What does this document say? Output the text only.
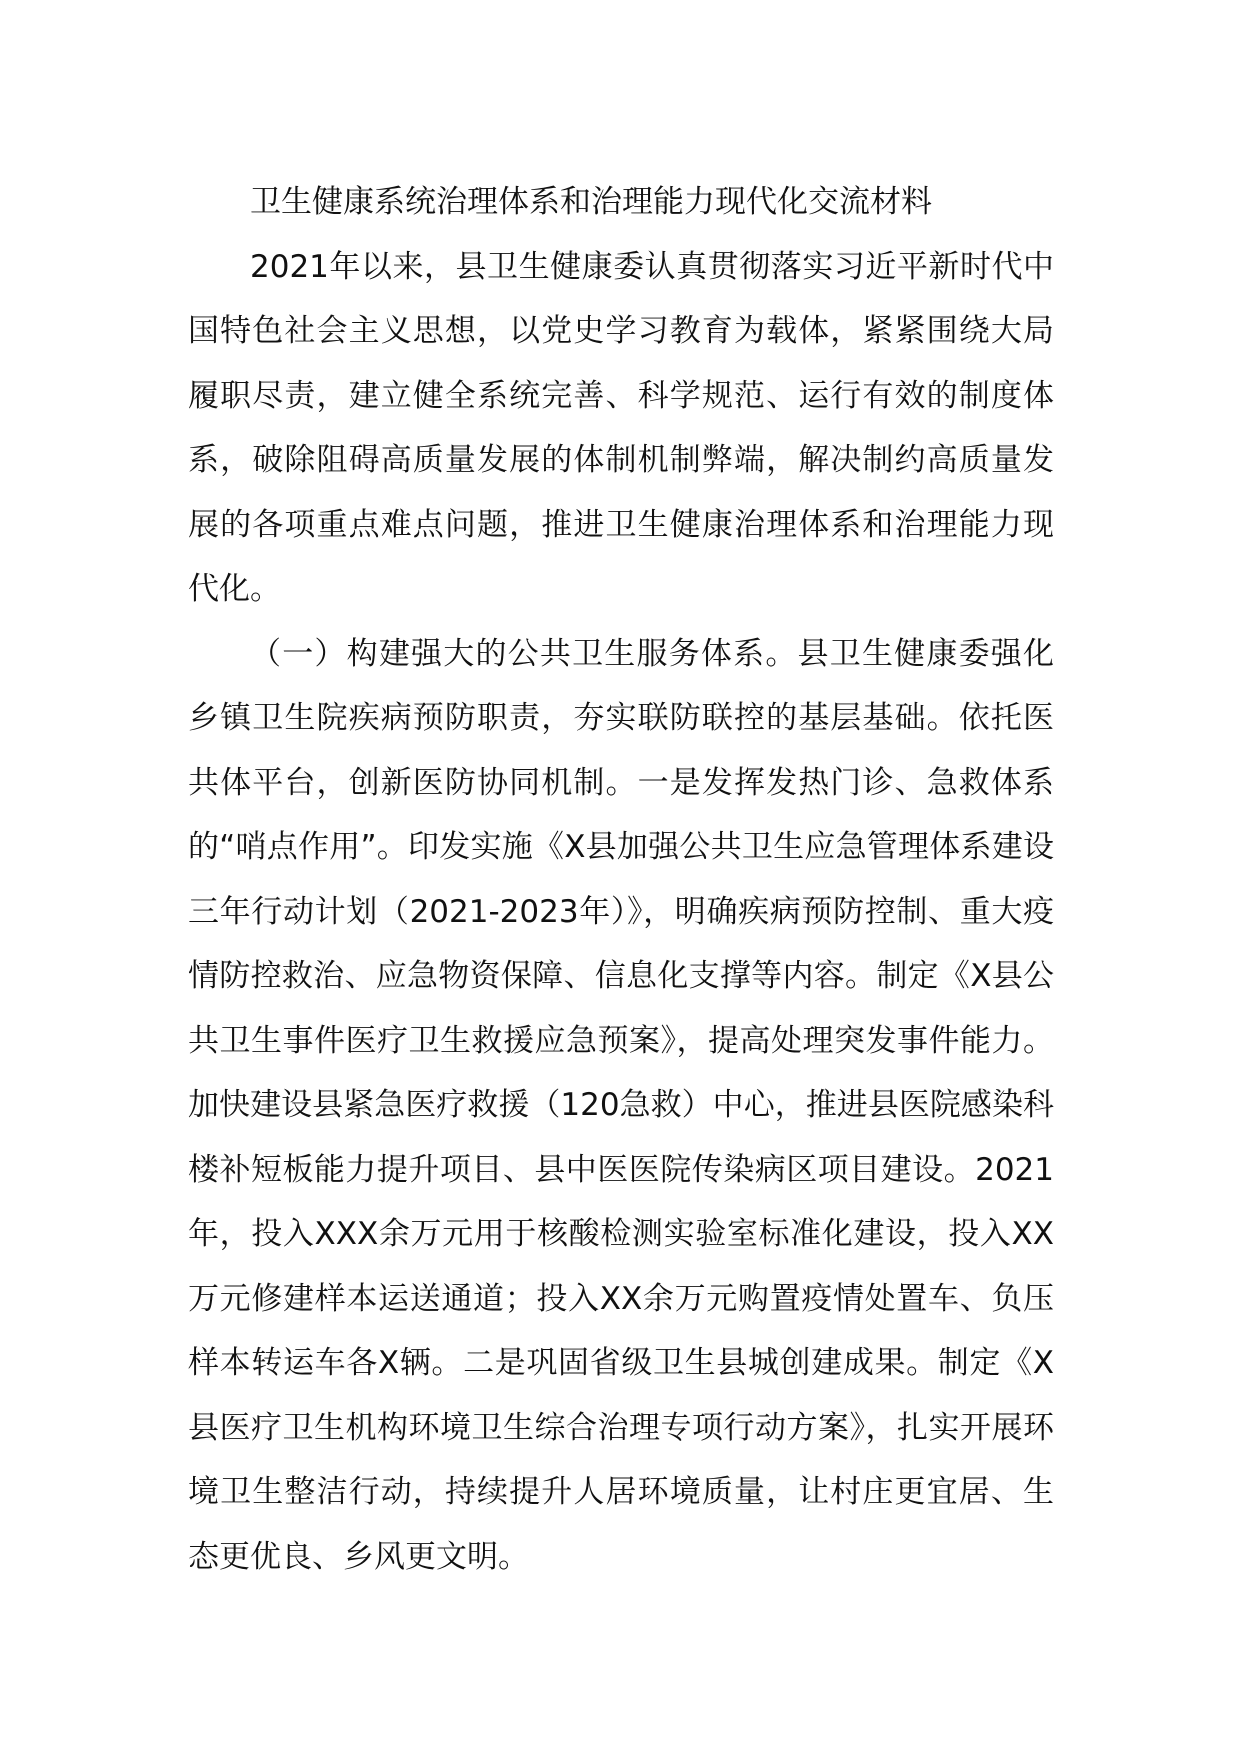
卫生健康系统治理体系和治理能力现代化交流材料

2021年以来，县卫生健康委认真贯彻落实习近平新时代中国特色社会主义思想，以党史学习教育为载体，紧紧围绕大局履职尽责，建立健全系统完善、科学规范、运行有效的制度体系，破除阻碍高质量发展的体制机制弊端，解决制约高质量发展的各项重点难点问题，推进卫生健康治理体系和治理能力现代化。

（一）构建强大的公共卫生服务体系。县卫生健康委强化乡镇卫生院疾病预防职责，夯实联防联控的基层基础。依托医共体平台，创新医防协同机制。一是发挥发热门诊、急救体系的“哨点作用”。印发实施《X县加强公共卫生应急管理体系建设三年行动计划（2021-2023年）》，明确疾病预防控制、重大疫情防控救治、应急物资保障、信息化支撑等内容。制定《X县公共卫生事件医疗卫生救援应急预案》，提高处理突发事件能力。加快建设县紧急医疗救援（120急救）中心，推进县医院感染科楼补短板能力提升项目、县中医医院传染病区项目建设。2021年，投入XXX余万元用于核酸检测实验室标准化建设，投入XX万元修建样本运送通道；投入XX余万元购置疫情处置车、负压样本转运车各X辆。二是巩固省级卫生县城创建成果。制定《X县医疗卫生机构环境卫生综合治理专项行动方案》，扎实开展环境卫生整洁行动，持续提升人居环境质量，让村庄更宜居、生态更优良、乡风更文明。
